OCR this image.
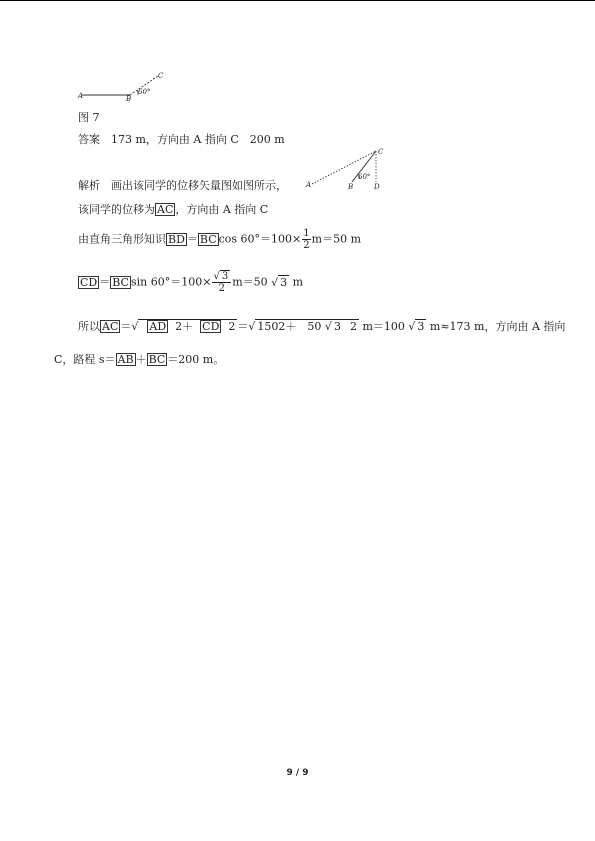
A	B
C
60°
图 7
答案　 173 m，方向由 A 指向 C　200 m
A	B
C
D
60°
解析　 画出该同学的位移矢量图如图所示，
该同学的位移为 AC ，方向由 A 指向 C
由直角三角形知识 BD ＝ BC $\cos 60^\circ=100\times \frac{1}{2} m=50$ m
CD ＝ BC $\sin 60^\circ=100\times \frac{√ 3}{2} m=50$ √ 3 m
所以 AC ＝√ AD 2＋ CD 2 ＝√ 1502＋　50 √ 3 2 m＝100 √ 3 m≈173 m，方向由 A 指向
C，路程 s＝ AB ＋ BC ＝200 m。
9 / 9
